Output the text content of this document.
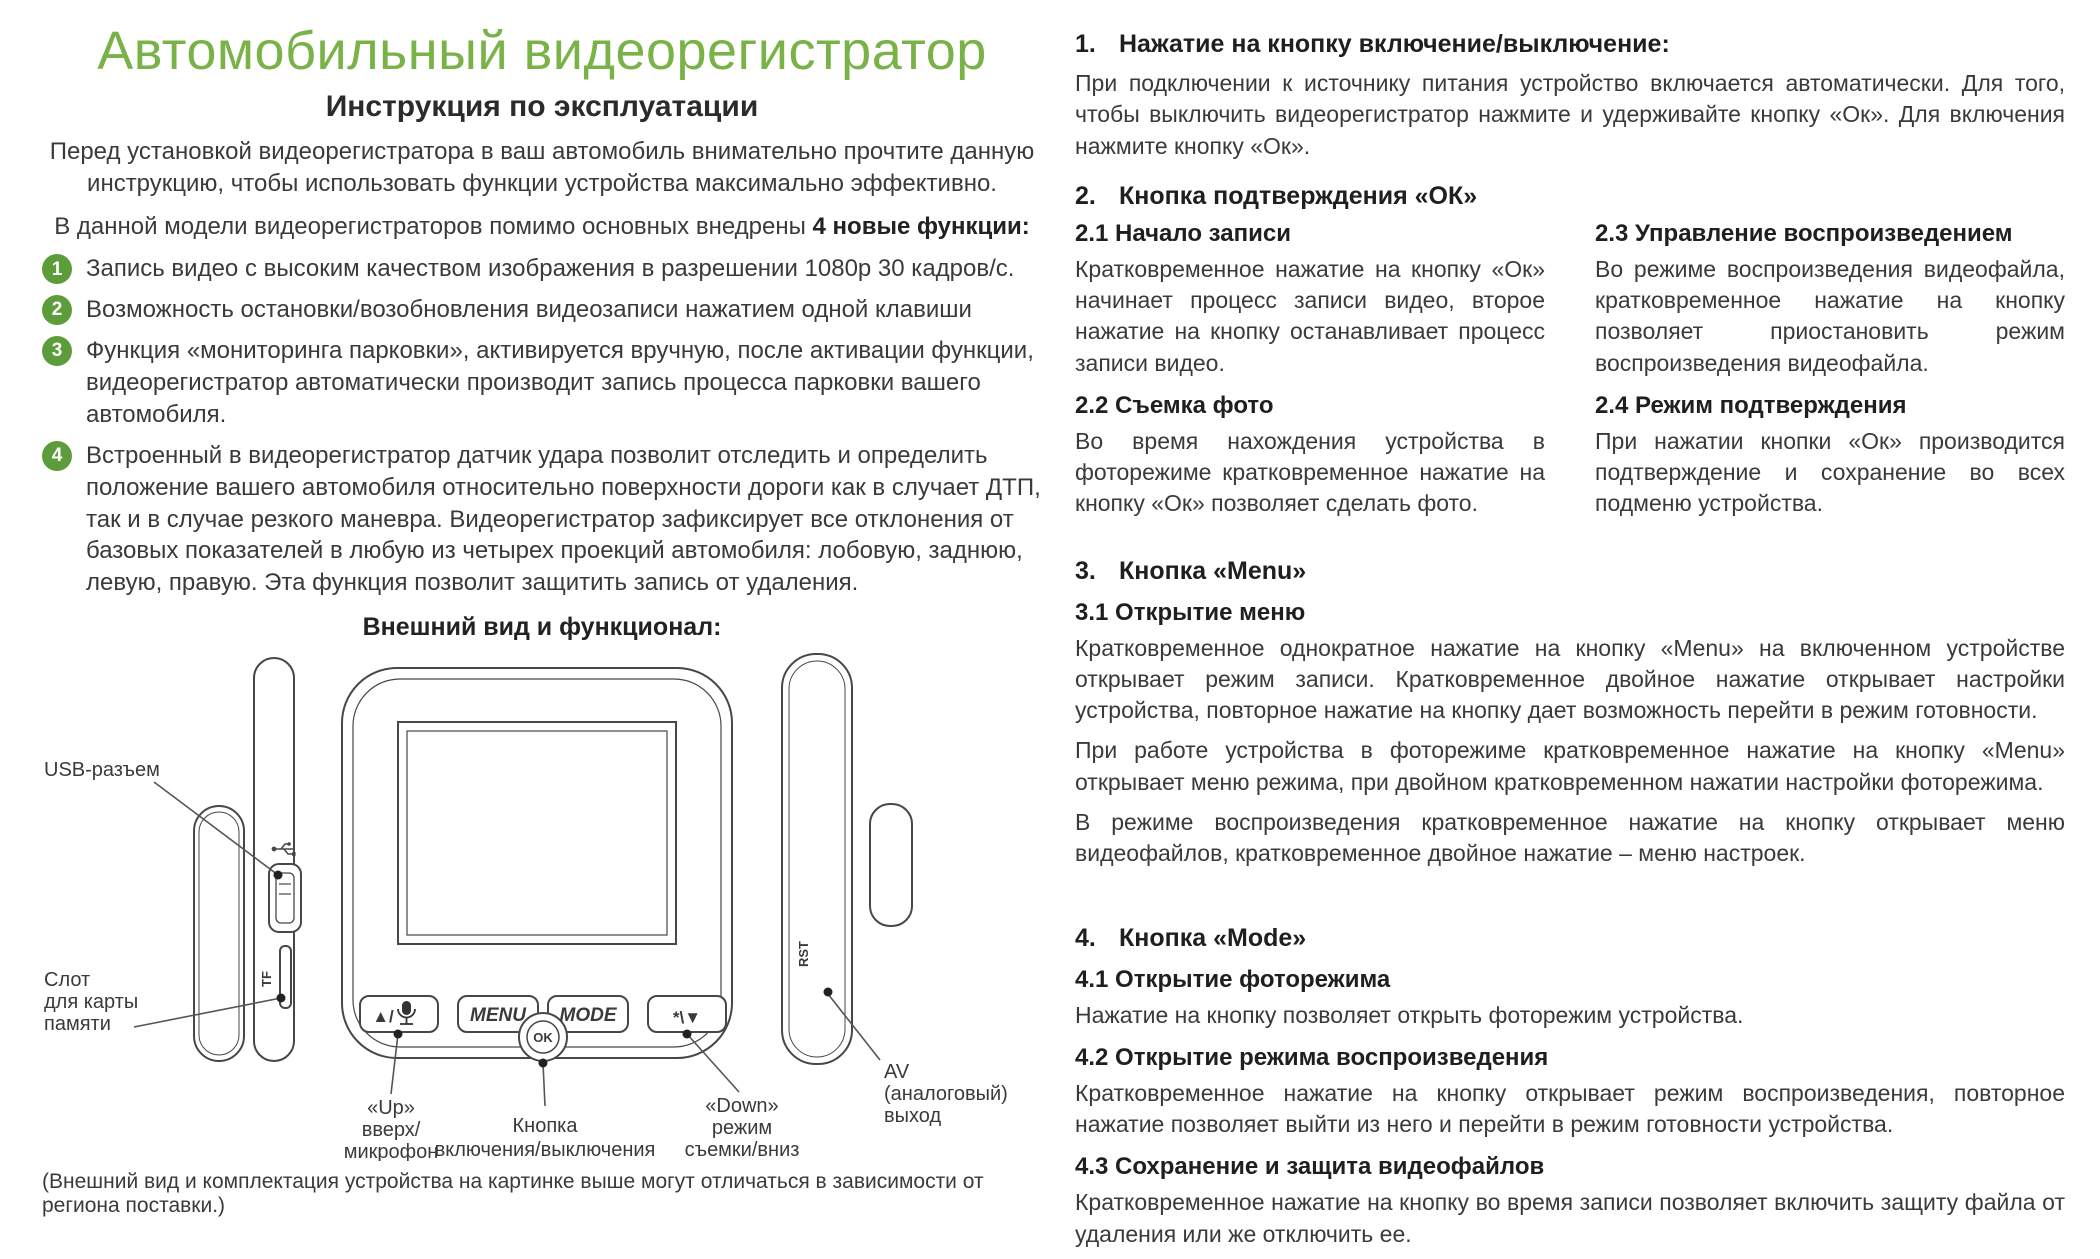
Автомобильный видеорегистратор
Инструкция по эксплуатации

Перед установкой видеорегистратора в ваш автомобиль внимательно прочтите данную инструкцию, чтобы использовать функции устройства максимально эффективно.

В данной модели видеорегистраторов помимо основных внедрены 4 новые функции:

1 Запись видео с высоким качеством изображения в разрешении 1080p 30 кадров/с.
2 Возможность остановки/возобновления видеозаписи нажатием одной клавиши
3 Функция «мониторинга парковки», активируется вручную, после активации функции, видеорегистратор автоматически производит запись процесса парковки вашего автомобиля.
4 Встроенный в видеорегистратор датчик удара позволит отследить и определить положение вашего автомобиля относительно поверхности дороги как в случает ДТП, так и в случае резкого маневра. Видеорегистратор зафиксирует все отклонения от базовых показателей в любую из четырех проекций автомобиля: лобовую, заднюю, левую, правую. Эта функция позволит защитить запись от удаления.
Внешний вид и функционал:
▲/	MENU MODE	*\▼
OK
TF
RST
USB-разъем
Слот
для карты
памяти
«Up»
вверх/
микрофон
Кнопка
включения/выключения
«Down»
режим
съемки/вниз
AV
(аналоговый)
выход

(Внешний вид и комплектация устройства на картинке выше могут отличаться в зависимости от региона поставки.)

1. Нажатие на кнопку включение/выключение:

При подключении к источнику питания устройство включается автоматически. Для того, чтобы выключить видеорегистратор нажмите и удерживайте кнопку «Ок». Для включения нажмите кнопку «Ок».

2. Кнопка подтверждения «ОК»
2.1 Начало записи

Кратковременное нажатие на кнопку «Ок» начинает процесс записи видео, второе нажатие на кнопку останавливает процесс записи видео.

2.2 Съемка фото

Во время нахождения устройства в фоторежиме кратковременное нажатие на кнопку «Ок» позволяет сделать фото.

2.3 Управление воспроизведением

Во режиме воспроизведения видеофайла, кратковременное нажатие на кнопку позволяет приостановить режим воспроизведения видеофайла.

2.4 Режим подтверждения

При нажатии кнопки «Ок» производится подтверждение и сохранение во всех подменю устройства.

3. Кнопка «Menu»
3.1 Открытие меню

Кратковременное однократное нажатие на кнопку «Menu» на включенном устройстве открывает режим записи. Кратковременное двойное нажатие открывает настройки устройства, повторное нажатие на кнопку дает возможность перейти в режим готовности.

При работе устройства в фоторежиме кратковременное нажатие на кнопку «Menu» открывает меню режима, при двойном кратковременном нажатии настройки фоторежима.

В режиме воспроизведения кратковременное нажатие на кнопку открывает меню видеофайлов, кратковременное двойное нажатие – меню настроек.

4. Кнопка «Mode»
4.1 Открытие фоторежима

Нажатие на кнопку позволяет открыть фоторежим устройства.

4.2 Открытие режима воспроизведения

Кратковременное нажатие на кнопку открывает режим воспроизведения, повторное нажатие позволяет выйти из него и перейти в режим готовности устройства.

4.3 Сохранение и защита видеофайлов

Кратковременное нажатие на кнопку во время записи позволяет включить защиту файла от удаления или же отключить ее.
